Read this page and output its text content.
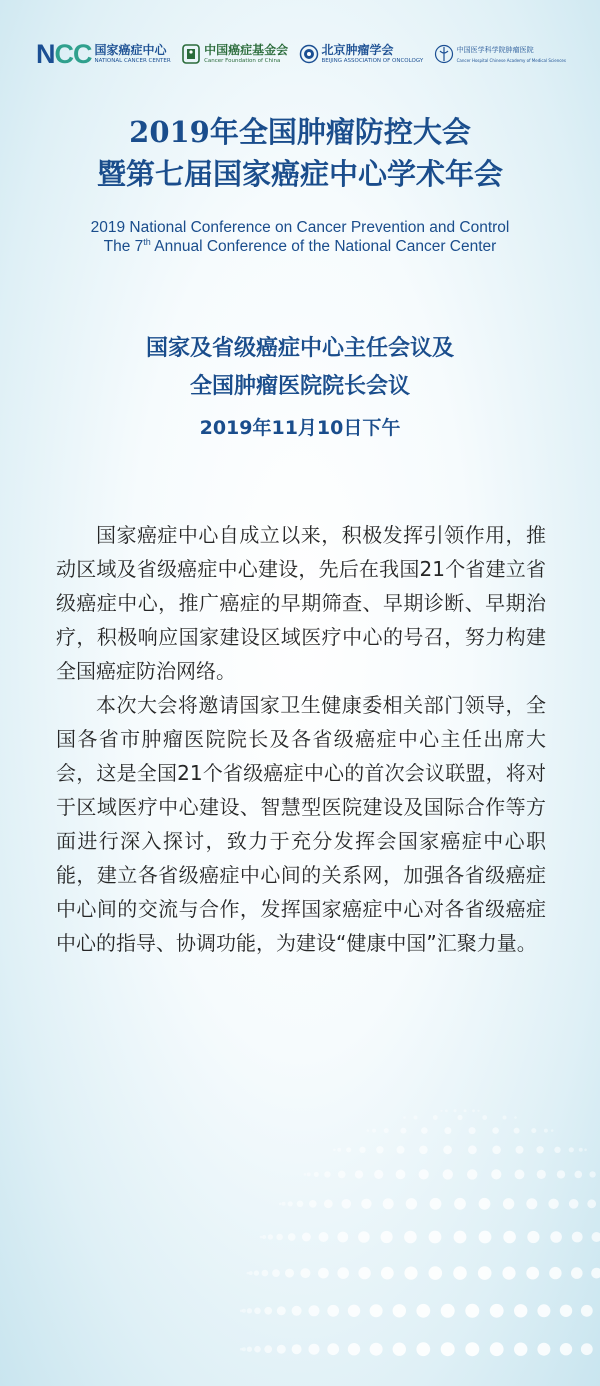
NCC 国家癌症中心
NATIONAL CANCER CENTER
中国癌症基金会
Cancer Foundation of China
北京肿瘤学会
BEIJING ASSOCIATION OF ONCOLOGY
中国医学科学院肿瘤医院
Cancer Hospital Chinese Academy of Medical Sciences
2019年全国肿瘤防控大会
暨第七届国家癌症中心学术年会
2019 National Conference on Cancer Prevention and Control
The 7th Annual Conference of the National Cancer Center
国家及省级癌症中心主任会议及
全国肿瘤医院院长会议
2019年11月10日下午

国家癌症中心自成立以来，积极发挥引领作用，推动区域及省级癌症中心建设，先后在我国21个省建立省级癌症中心，推广癌症的早期筛查、早期诊断、早期治疗，积极响应国家建设区域医疗中心的号召，努力构建全国癌症防治网络。

本次大会将邀请国家卫生健康委相关部门领导，全国各省市肿瘤医院院长及各省级癌症中心主任出席大会，这是全国21个省级癌症中心的首次会议联盟，将对于区域医疗中心建设、智慧型医院建设及国际合作等方面进行深入探讨，致力于充分发挥会国家癌症中心职能，建立各省级癌症中心间的关系网，加强各省级癌症中心间的交流与合作，发挥国家癌症中心对各省级癌症中心的指导、协调功能，为建设“健康中国”汇聚力量。
